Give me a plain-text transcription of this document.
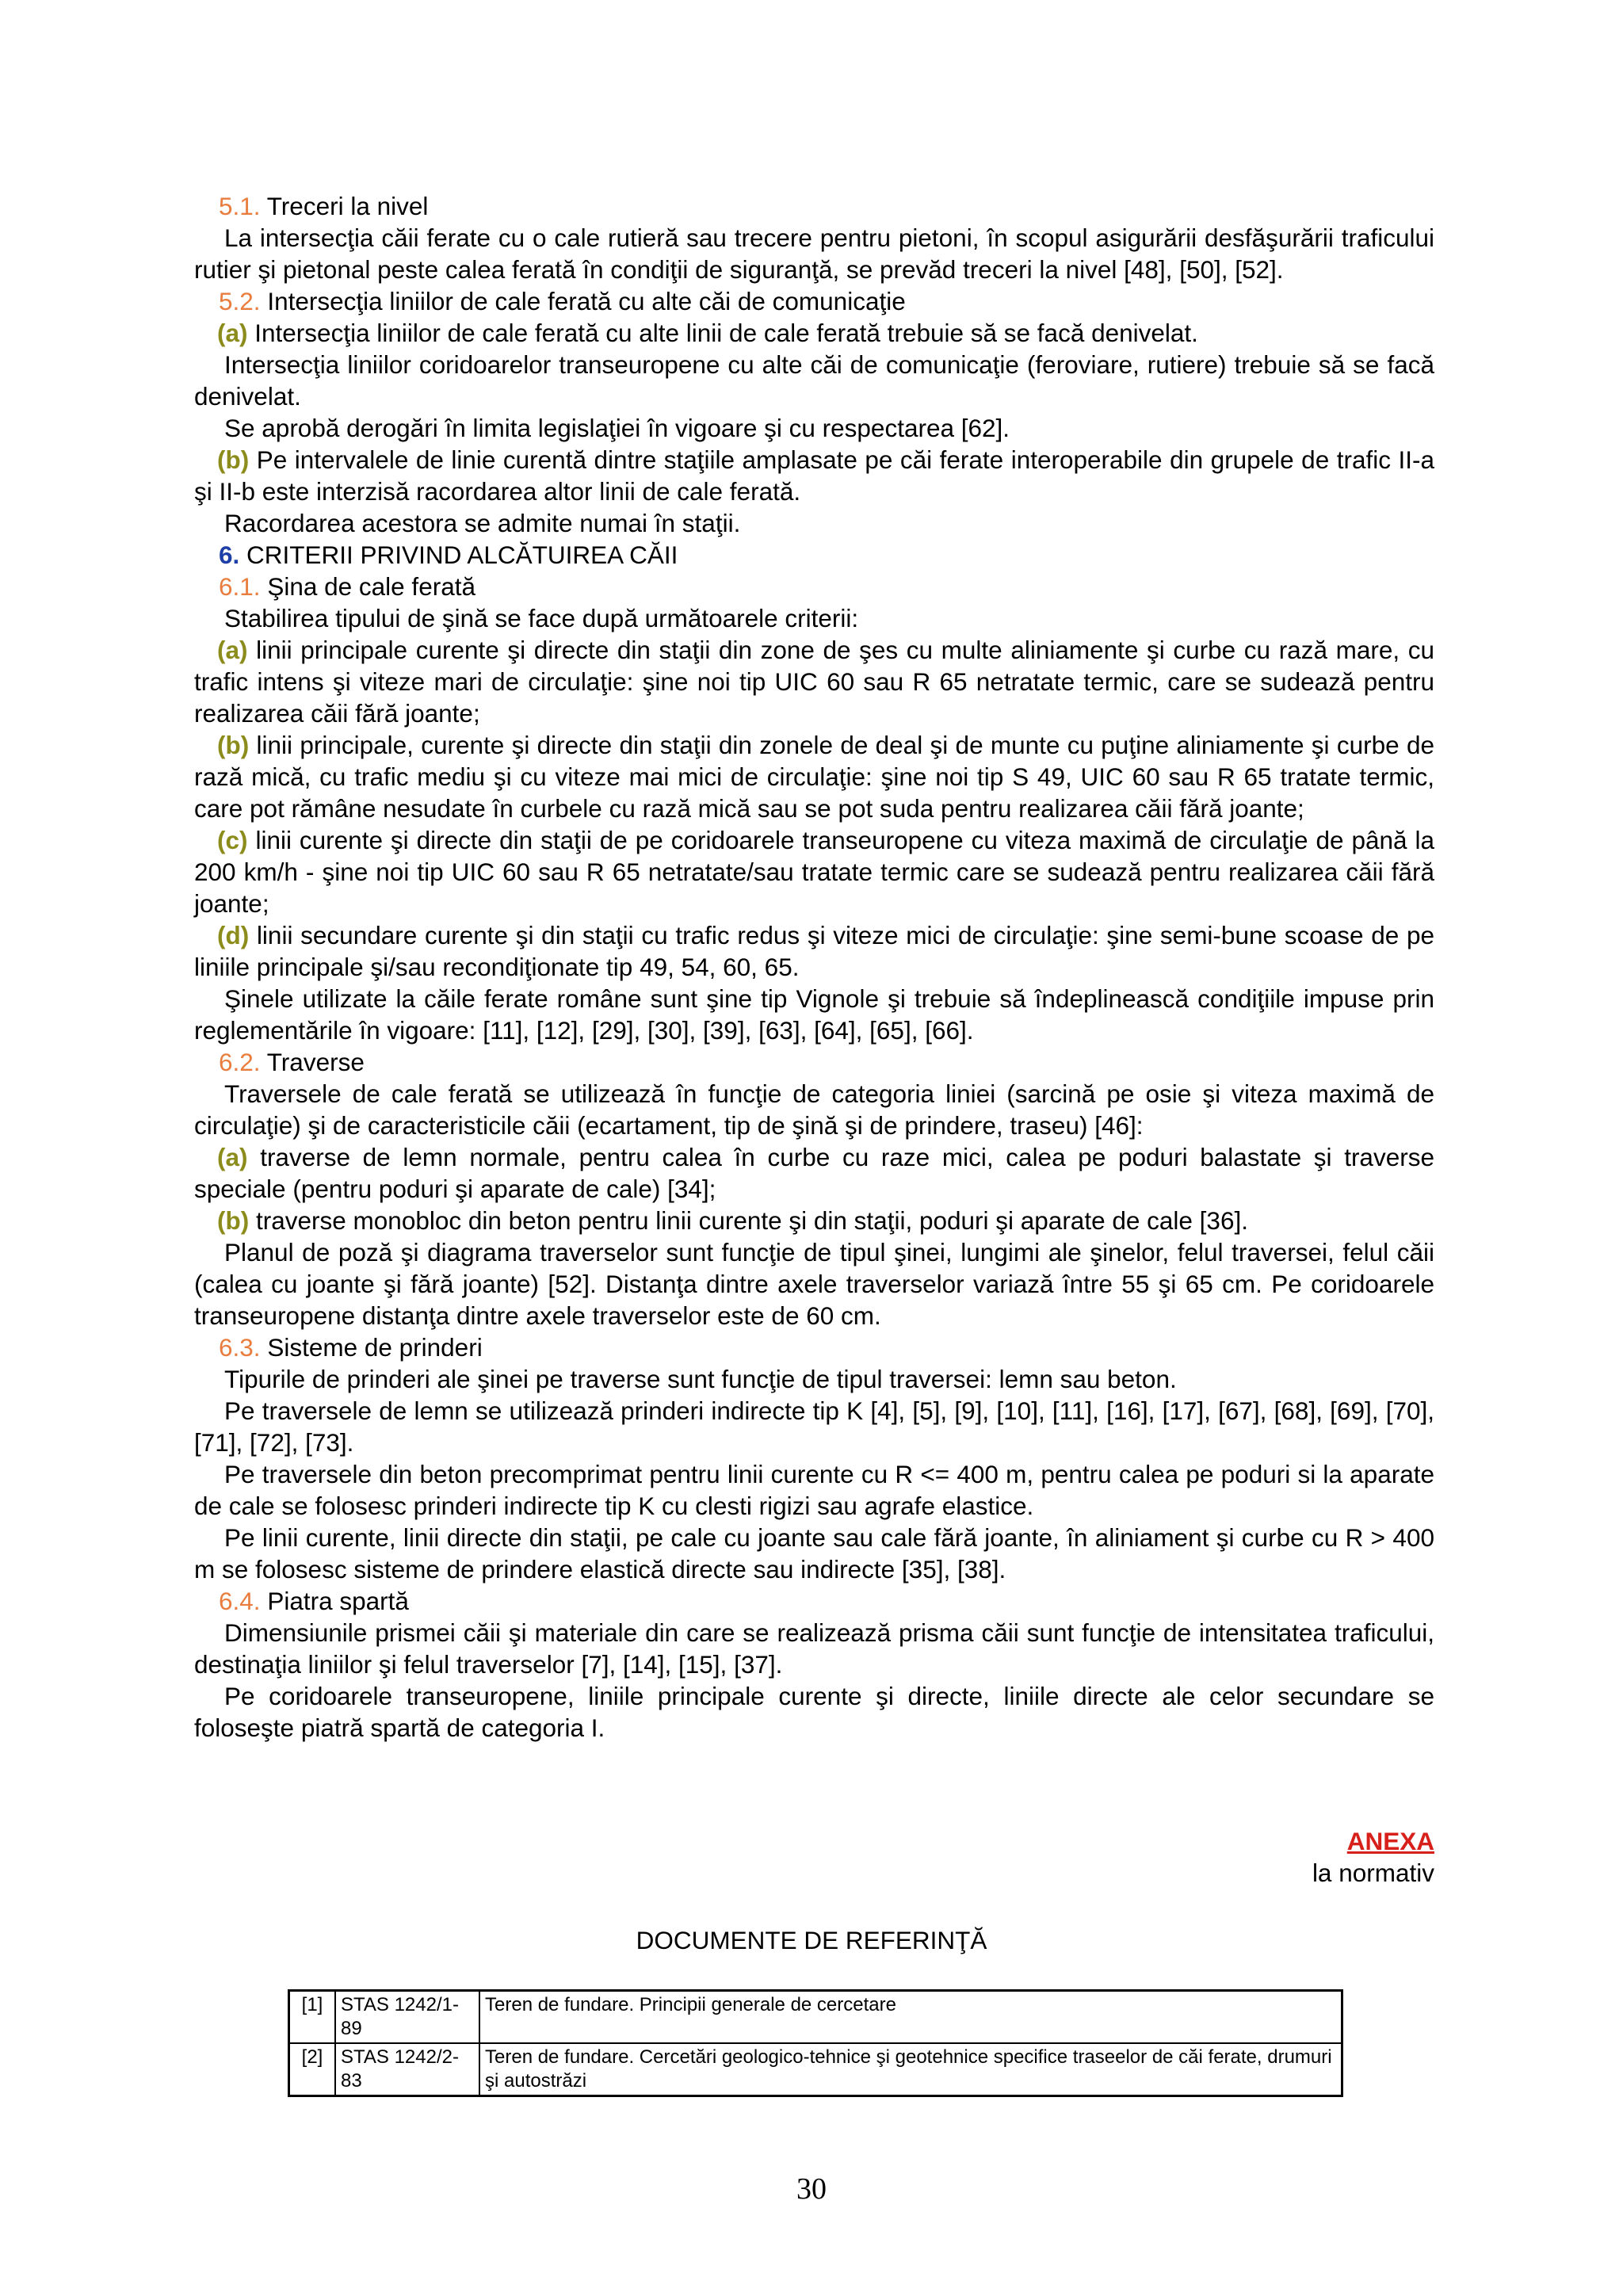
5.1. Treceri la nivel
La intersecţia căii ferate cu o cale rutieră sau trecere pentru pietoni, în scopul asigurării desfăşurării traficului rutier şi pietonal peste calea ferată în condiţii de siguranţă, se prevăd treceri la nivel [48], [50], [52].
5.2. Intersecţia liniilor de cale ferată cu alte căi de comunicaţie
(a) Intersecţia liniilor de cale ferată cu alte linii de cale ferată trebuie să se facă denivelat.
Intersecţia liniilor coridoarelor transeuropene cu alte căi de comunicaţie (feroviare, rutiere) trebuie să se facă denivelat.
Se aprobă derogări în limita legislaţiei în vigoare şi cu respectarea [62].
(b) Pe intervalele de linie curentă dintre staţiile amplasate pe căi ferate interoperabile din grupele de trafic II-a şi II-b este interzisă racordarea altor linii de cale ferată.
Racordarea acestora se admite numai în staţii.
6. CRITERII PRIVIND ALCĂTUIREA CĂII
6.1. Şina de cale ferată
Stabilirea tipului de şină se face după următoarele criterii:
(a) linii principale curente şi directe din staţii din zone de şes cu multe aliniamente şi curbe cu rază mare, cu trafic intens şi viteze mari de circulaţie: şine noi tip UIC 60 sau R 65 netratate termic, care se sudează pentru realizarea căii fără joante;
(b) linii principale, curente şi directe din staţii din zonele de deal şi de munte cu puţine aliniamente şi curbe de rază mică, cu trafic mediu şi cu viteze mai mici de circulaţie: şine noi tip S 49, UIC 60 sau R 65 tratate termic, care pot rămâne nesudate în curbele cu rază mică sau se pot suda pentru realizarea căii fără joante;
(c) linii curente şi directe din staţii de pe coridoarele transeuropene cu viteza maximă de circulaţie de până la 200 km/h - şine noi tip UIC 60 sau R 65 netratate/sau tratate termic care se sudează pentru realizarea căii fără joante;
(d) linii secundare curente şi din staţii cu trafic redus şi viteze mici de circulaţie: şine semi-bune scoase de pe liniile principale şi/sau recondiţionate tip 49, 54, 60, 65.
Şinele utilizate la căile ferate române sunt şine tip Vignole şi trebuie să îndeplinească condiţiile impuse prin reglementările în vigoare: [11], [12], [29], [30], [39], [63], [64], [65], [66].
6.2. Traverse
Traversele de cale ferată se utilizează în funcţie de categoria liniei (sarcină pe osie şi viteza maximă de circulaţie) şi de caracteristicile căii (ecartament, tip de şină şi de prindere, traseu) [46]:
(a) traverse de lemn normale, pentru calea în curbe cu raze mici, calea pe poduri balastate şi traverse speciale (pentru poduri şi aparate de cale) [34];
(b) traverse monobloc din beton pentru linii curente şi din staţii, poduri şi aparate de cale [36].
Planul de poză şi diagrama traverselor sunt funcţie de tipul şinei, lungimi ale şinelor, felul traversei, felul căii (calea cu joante şi fără joante) [52]. Distanţa dintre axele traverselor variază între 55 şi 65 cm. Pe coridoarele transeuropene distanţa dintre axele traverselor este de 60 cm.
6.3. Sisteme de prinderi
Tipurile de prinderi ale şinei pe traverse sunt funcţie de tipul traversei: lemn sau beton.
Pe traversele de lemn se utilizează prinderi indirecte tip K [4], [5], [9], [10], [11], [16], [17], [67], [68], [69], [70], [71], [72], [73].
Pe traversele din beton precomprimat pentru linii curente cu R <= 400 m, pentru calea pe poduri si la aparate de cale se folosesc prinderi indirecte tip K cu clesti rigizi sau agrafe elastice.
Pe linii curente, linii directe din staţii, pe cale cu joante sau cale fără joante, în aliniament şi curbe cu R > 400 m se folosesc sisteme de prindere elastică directe sau indirecte [35], [38].
6.4. Piatra spartă
Dimensiunile prismei căii şi materiale din care se realizează prisma căii sunt funcţie de intensitatea traficului, destinaţia liniilor şi felul traverselor [7], [14], [15], [37].
Pe coridoarele transeuropene, liniile principale curente şi directe, liniile directe ale celor secundare se foloseşte piatră spartă de categoria I.
ANEXA
la normativ
DOCUMENTE DE REFERINŢĂ
[1]	STAS 1242/1-89	Teren de fundare. Principii generale de cercetare
[2]	STAS 1242/2-83	Teren de fundare. Cercetări geologico-tehnice şi geotehnice specifice traseelor de căi ferate, drumuri şi autostrăzi
30
